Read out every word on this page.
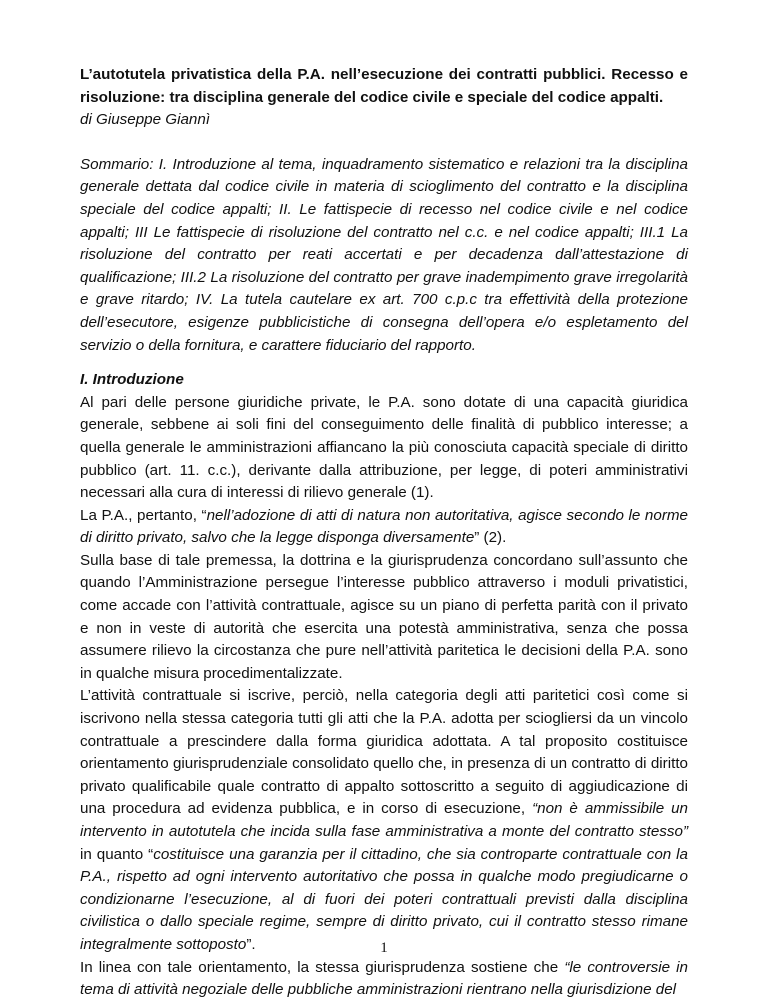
L’autotutela privatistica della P.A. nell’esecuzione dei contratti pubblici. Recesso e risoluzione: tra disciplina generale del codice civile e speciale del codice appalti.

di Giuseppe Giannì

Sommario: I. Introduzione al tema, inquadramento sistematico e relazioni tra la disciplina generale dettata dal codice civile in materia di scioglimento del contratto e la disciplina speciale del codice appalti; II. Le fattispecie di recesso nel codice civile e nel codice appalti; III Le fattispecie di risoluzione del contratto nel c.c. e nel codice appalti; III.1 La risoluzione del contratto per reati accertati e per decadenza dall’attestazione di qualificazione; III.2 La risoluzione del contratto per grave inadempimento grave irregolarità e grave ritardo; IV. La tutela cautelare ex art. 700 c.p.c tra effettività della protezione dell’esecutore, esigenze pubblicistiche di consegna dell’opera e/o espletamento del servizio o della fornitura, e carattere fiduciario del rapporto.

I. Introduzione

Al pari delle persone giuridiche private, le P.A. sono dotate di una capacità giuridica generale, sebbene ai soli fini del conseguimento delle finalità di pubblico interesse; a quella generale le amministrazioni affiancano la più conosciuta capacità speciale di diritto pubblico (art. 11. c.c.), derivante dalla attribuzione, per legge, di poteri amministrativi necessari alla cura di interessi di rilievo generale (1).

La P.A., pertanto, “nell’adozione di atti di natura non autoritativa, agisce secondo le norme di diritto privato, salvo che la legge disponga diversamente” (2).

Sulla base di tale premessa, la dottrina e la giurisprudenza concordano sull’assunto che quando l’Amministrazione persegue l’interesse pubblico attraverso i moduli privatistici, come accade con l’attività contrattuale, agisce su un piano di perfetta parità con il privato e non in veste di autorità che esercita una potestà amministrativa, senza che possa assumere rilievo la circostanza che pure nell’attività paritetica le decisioni della P.A. sono in qualche misura procedimentalizzate.

L’attività contrattuale si iscrive, perciò, nella categoria degli atti paritetici così come si iscrivono nella stessa categoria tutti gli atti che la P.A. adotta per sciogliersi da un vincolo contrattuale a prescindere dalla forma giuridica adottata. A tal proposito costituisce orientamento giurisprudenziale consolidato quello che, in presenza di un contratto di diritto privato qualificabile quale contratto di appalto sottoscritto a seguito di aggiudicazione di una procedura ad evidenza pubblica, e in corso di esecuzione, “non è ammissibile un intervento in autotutela che incida sulla fase amministrativa a monte del contratto stesso” in quanto “costituisce una garanzia per il cittadino, che sia controparte contrattuale con la P.A., rispetto ad ogni intervento autoritativo che possa in qualche modo pregiudicarne o condizionarne l’esecuzione, al di fuori dei poteri contrattuali previsti dalla disciplina civilistica o dallo speciale regime, sempre di diritto privato, cui il contratto stesso rimane integralmente sottoposto”.

In linea con tale orientamento, la stessa giurisprudenza sostiene che “le controversie in tema di attività negoziale delle pubbliche amministrazioni rientrano nella giurisdizione del

1
